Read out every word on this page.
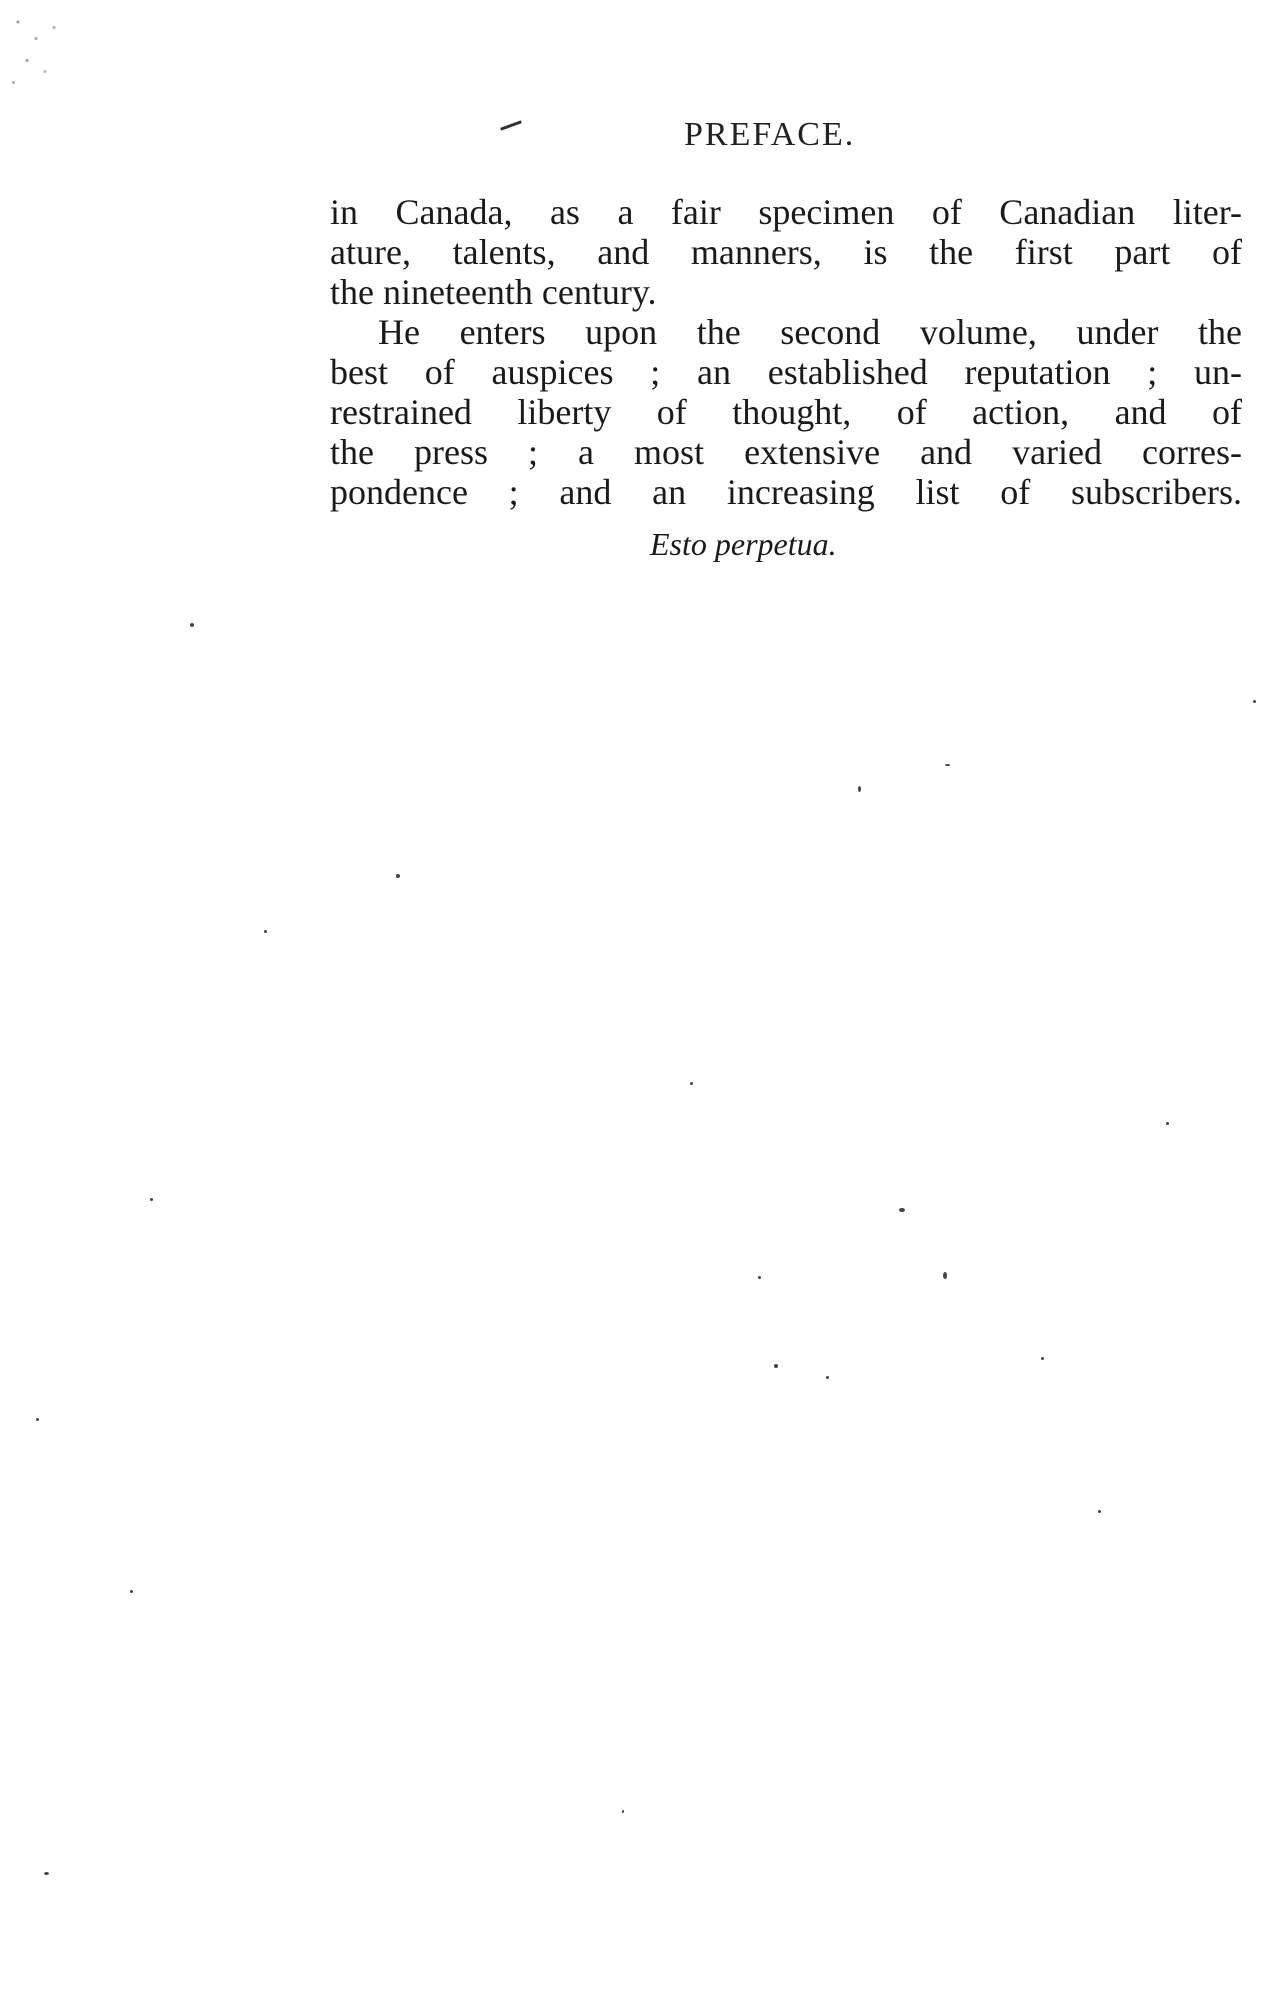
PREFACE.
in Canada, as a fair specimen of Canadian liter-
ature, talents, and manners, is the first part of
the nineteenth century.
He enters upon the second volume, under the
best of auspices ; an established reputation ; un-
restrained liberty of thought, of action, and of
the press ; a most extensive and varied corres-
pondence ; and an increasing list of subscribers.
Esto perpetua.
